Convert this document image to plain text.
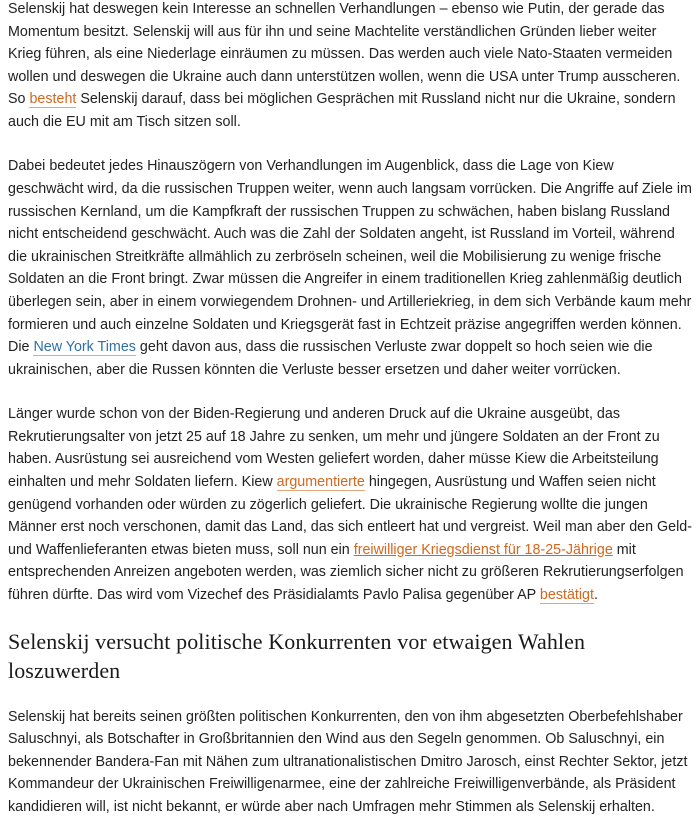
Selenskij hat deswegen kein Interesse an schnellen Verhandlungen – ebenso wie Putin, der gerade das Momentum besitzt. Selenskij will aus für ihn und seine Machtelite verständlichen Gründen lieber weiter Krieg führen, als eine Niederlage einräumen zu müssen. Das werden auch viele Nato-Staaten vermeiden wollen und deswegen die Ukraine auch dann unterstützen wollen, wenn die USA unter Trump ausscheren. So besteht Selenskij darauf, dass bei möglichen Gesprächen mit Russland nicht nur die Ukraine, sondern auch die EU mit am Tisch sitzen soll.

Dabei bedeutet jedes Hinauszögern von Verhandlungen im Augenblick, dass die Lage von Kiew geschwächt wird, da die russischen Truppen weiter, wenn auch langsam vorrücken. Die Angriffe auf Ziele im russischen Kernland, um die Kampfkraft der russischen Truppen zu schwächen, haben bislang Russland nicht entscheidend geschwächt. Auch was die Zahl der Soldaten angeht, ist Russland im Vorteil, während die ukrainischen Streitkräfte allmählich zu zerbröseln scheinen, weil die Mobilisierung zu wenige frische Soldaten an die Front bringt. Zwar müssen die Angreifer in einem traditionellen Krieg zahlenmäßig deutlich überlegen sein, aber in einem vorwiegendem Drohnen- und Artilleriekrieg, in dem sich Verbände kaum mehr formieren und auch einzelne Soldaten und Kriegsgerät fast in Echtzeit präzise angegriffen werden können. Die New York Times geht davon aus, dass die russischen Verluste zwar doppelt so hoch seien wie die ukrainischen, aber die Russen könnten die Verluste besser ersetzen und daher weiter vorrücken.

Länger wurde schon von der Biden-Regierung und anderen Druck auf die Ukraine ausgeübt, das Rekrutierungsalter von jetzt 25 auf 18 Jahre zu senken, um mehr und jüngere Soldaten an der Front zu haben. Ausrüstung sei ausreichend vom Westen geliefert worden, daher müsse Kiew die Arbeitsteilung einhalten und mehr Soldaten liefern. Kiew argumentierte hingegen, Ausrüstung und Waffen seien nicht genügend vorhanden oder würden zu zögerlich geliefert. Die ukrainische Regierung wollte die jungen Männer erst noch verschonen, damit das Land, das sich entleert hat und vergreist. Weil man aber den Geld- und Waffenlieferanten etwas bieten muss, soll nun ein freiwilliger Kriegsdienst für 18-25-Jährige mit entsprechenden Anreizen angeboten werden, was ziemlich sicher nicht zu größeren Rekrutierungserfolgen führen dürfte. Das wird vom Vizechef des Präsidialamts Pavlo Palisa gegenüber AP bestätigt.

Selenskij versucht politische Konkurrenten vor etwaigen Wahlen loszuwerden

Selenskij hat bereits seinen größten politischen Konkurrenten, den von ihm abgesetzten Oberbefehlshaber Saluschnyi, als Botschafter in Großbritannien den Wind aus den Segeln genommen. Ob Saluschnyi, ein bekennender Bandera-Fan mit Nähen zum ultranationalistischen Dmitro Jarosch, einst Rechter Sektor, jetzt Kommandeur der Ukrainischen Freiwilligenarmee, eine der zahlreiche Freiwilligenverbände, als Präsident kandidieren will, ist nicht bekannt, er würde aber nach Umfragen mehr Stimmen als Selenskij erhalten.
